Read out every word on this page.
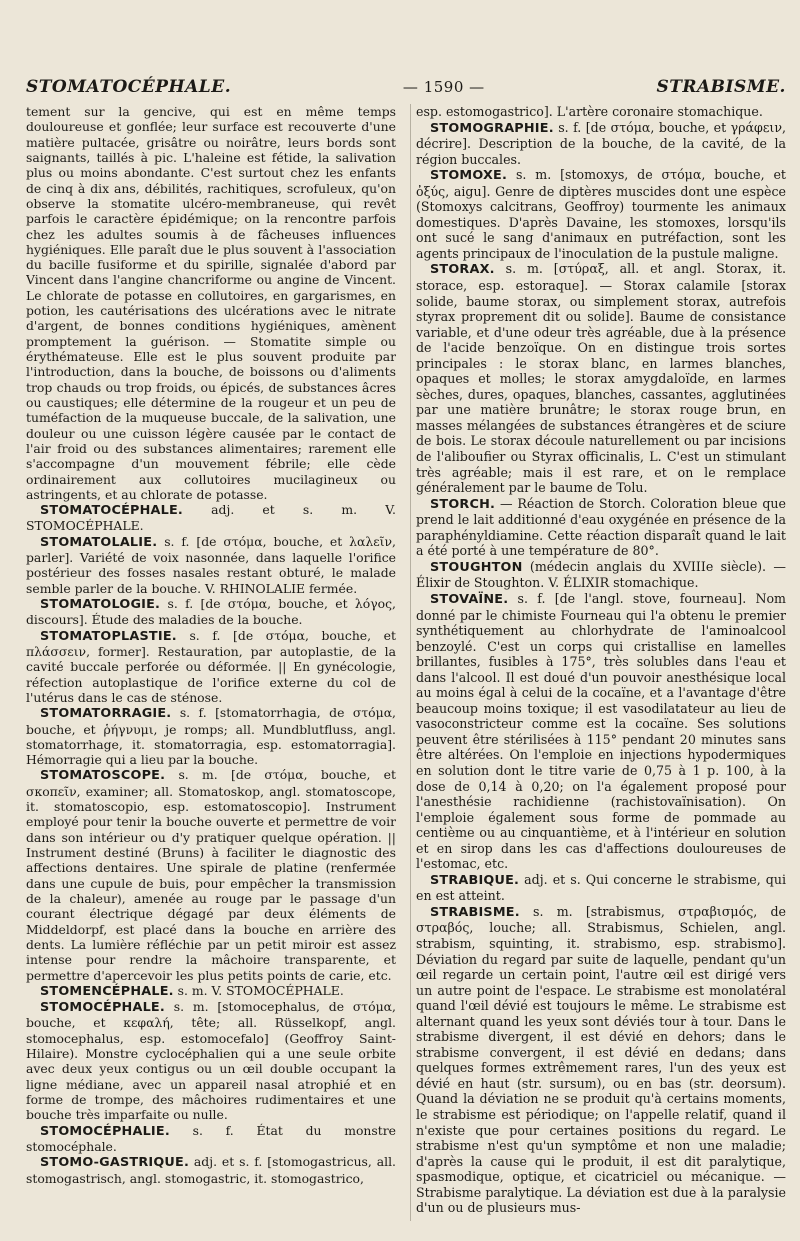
STOMATOCÉPHALE.	— 1590 —	STRABISME.

tement sur la gencive, qui est en même temps douloureuse et gonflée; leur surface est recouverte d'une matière pultacée, grisâtre ou noirâtre, leurs bords sont saignants, taillés à pic. L'haleine est fétide, la salivation plus ou moins abondante. C'est surtout chez les enfants de cinq à dix ans, débilités, rachitiques, scrofuleux, qu'on observe la stomatite ulcéro-membraneuse, qui revêt parfois le caractère épidémique; on la rencontre parfois chez les adultes soumis à de fâcheuses influences hygiéniques. Elle paraît due le plus souvent à l'association du bacille fusiforme et du spirille, signalée d'abord par Vincent dans l'angine chancriforme ou angine de Vincent. Le chlorate de potasse en collutoires, en gargarismes, en potion, les cautérisations des ulcérations avec le nitrate d'argent, de bonnes conditions hygiéniques, amènent promptement la guérison. — Stomatite simple ou érythémateuse. Elle est le plus souvent produite par l'introduction, dans la bouche, de boissons ou d'aliments trop chauds ou trop froids, ou épicés, de substances âcres ou caustiques; elle détermine de la rougeur et un peu de tuméfaction de la muqueuse buccale, de la salivation, une douleur ou une cuisson légère causée par le contact de l'air froid ou des substances alimentaires; rarement elle s'accompagne d'un mouvement fébrile; elle cède ordinairement aux collutoires mucilagineux ou astringents, et au chlorate de potasse.

STOMATOCÉPHALE. adj. et s. m. V. STOMOCÉPHALE.

STOMATOLALIE. s. f. [de στόμα, bouche, et λαλεῖν, parler]. Variété de voix nasonnée, dans laquelle l'orifice postérieur des fosses nasales restant obturé, le malade semble parler de la bouche. V. RHINOLALIE fermée.

STOMATOLOGIE. s. f. [de στόμα, bouche, et λόγος, discours]. Étude des maladies de la bouche.

STOMATOPLASTIE. s. f. [de στόμα, bouche, et πλάσσειν, former]. Restauration, par autoplastie, de la cavité buccale perforée ou déformée. || En gynécologie, réfection autoplastique de l'orifice externe du col de l'utérus dans le cas de sténose.

STOMATORRAGIE. s. f. [stomatorrhagia, de στόμα, bouche, et ῥήγνυμι, je romps; all. Mundblutfluss, angl. stomatorrhage, it. stomatorragia, esp. estomatorragia]. Hémorragie qui a lieu par la bouche.

STOMATOSCOPE. s. m. [de στόμα, bouche, et σκοπεῖν, examiner; all. Stomatoskop, angl. stomatoscope, it. stomatoscopio, esp. estomatoscopio]. Instrument employé pour tenir la bouche ouverte et permettre de voir dans son intérieur ou d'y pratiquer quelque opération. || Instrument destiné (Bruns) à faciliter le diagnostic des affections dentaires. Une spirale de platine (renfermée dans une cupule de buis, pour empêcher la transmission de la chaleur), amenée au rouge par le passage d'un courant électrique dégagé par deux éléments de Middeldorpf, est placé dans la bouche en arrière des dents. La lumière réfléchie par un petit miroir est assez intense pour rendre la mâchoire transparente, et permettre d'apercevoir les plus petits points de carie, etc.

STOMENCÉPHALE. s. m. V. STOMOCÉPHALE.

STOMOCÉPHALE. s. m. [stomocephalus, de στόμα, bouche, et κεφαλή, tête; all. Rüsselkopf, angl. stomocephalus, esp. estomocefalo] (Geoffroy Saint-Hilaire). Monstre cyclocéphalien qui a une seule orbite avec deux yeux contigus ou un œil double occupant la ligne médiane, avec un appareil nasal atrophié et en forme de trompe, des mâchoires rudimentaires et une bouche très imparfaite ou nulle.

STOMOCÉPHALIE. s. f. État du monstre stomocéphale.

STOMO-GASTRIQUE. adj. et s. f. [stomogastricus, all. stomogastrisch, angl. stomogastric, it. stomogastrico,

esp. estomogastrico]. L'artère coronaire stomachique.

STOMOGRAPHIE. s. f. [de στόμα, bouche, et γράφειν, décrire]. Description de la bouche, de la cavité, de la région buccales.

STOMOXE. s. m. [stomoxys, de στόμα, bouche, et ὀξύς, aigu]. Genre de diptères muscides dont une espèce (Stomoxys calcitrans, Geoffroy) tourmente les animaux domestiques. D'après Davaine, les stomoxes, lorsqu'ils ont sucé le sang d'animaux en putréfaction, sont les agents principaux de l'inoculation de la pustule maligne.

STORAX. s. m. [στύραξ, all. et angl. Storax, it. storace, esp. estoraque]. — Storax calamile [storax solide, baume storax, ou simplement storax, autrefois styrax proprement dit ou solide]. Baume de consistance variable, et d'une odeur très agréable, due à la présence de l'acide benzoïque. On en distingue trois sortes principales : le storax blanc, en larmes blanches, opaques et molles; le storax amygdaloïde, en larmes sèches, dures, opaques, blanches, cassantes, agglutinées par une matière brunâtre; le storax rouge brun, en masses mélangées de substances étrangères et de sciure de bois. Le storax découle naturellement ou par incisions de l'aliboufier ou Styrax officinalis, L. C'est un stimulant très agréable; mais il est rare, et on le remplace généralement par le baume de Tolu.

STORCH. — Réaction de Storch. Coloration bleue que prend le lait additionné d'eau oxygénée en présence de la paraphényldiamine. Cette réaction disparaît quand le lait a été porté à une température de 80°.

STOUGHTON (médecin anglais du XVIIIe siècle). — Élixir de Stoughton. V. ÉLIXIR stomachique.

STOVAÏNE. s. f. [de l'angl. stove, fourneau]. Nom donné par le chimiste Fourneau qui l'a obtenu le premier synthétiquement au chlorhydrate de l'aminoalcool benzoylé. C'est un corps qui cristallise en lamelles brillantes, fusibles à 175°, très solubles dans l'eau et dans l'alcool. Il est doué d'un pouvoir anesthésique local au moins égal à celui de la cocaïne, et a l'avantage d'être beaucoup moins toxique; il est vasodilatateur au lieu de vasoconstricteur comme est la cocaïne. Ses solutions peuvent être stérilisées à 115° pendant 20 minutes sans être altérées. On l'emploie en injections hypodermiques en solution dont le titre varie de 0,75 à 1 p. 100, à la dose de 0,14 à 0,20; on l'a également proposé pour l'anesthésie rachidienne (rachistovaïnisation). On l'emploie également sous forme de pommade au centième ou au cinquantième, et à l'intérieur en solution et en sirop dans les cas d'affections douloureuses de l'estomac, etc.

STRABIQUE. adj. et s. Qui concerne le strabisme, qui en est atteint.

STRABISME. s. m. [strabismus, στραβισμός, de στραβός, louche; all. Strabismus, Schielen, angl. strabism, squinting, it. strabismo, esp. strabismo]. Déviation du regard par suite de laquelle, pendant qu'un œil regarde un certain point, l'autre œil est dirigé vers un autre point de l'espace. Le strabisme est monolatéral quand l'œil dévié est toujours le même. Le strabisme est alternant quand les yeux sont déviés tour à tour. Dans le strabisme divergent, il est dévié en dehors; dans le strabisme convergent, il est dévié en dedans; dans quelques formes extrêmement rares, l'un des yeux est dévié en haut (str. sursum), ou en bas (str. deorsum). Quand la déviation ne se produit qu'à certains moments, le strabisme est périodique; on l'appelle relatif, quand il n'existe que pour certaines positions du regard. Le strabisme n'est qu'un symptôme et non une maladie; d'après la cause qui le produit, il est dit paralytique, spasmodique, optique, et cicatriciel ou mécanique. — Strabisme paralytique. La déviation est due à la paralysie d'un ou de plusieurs mus-
